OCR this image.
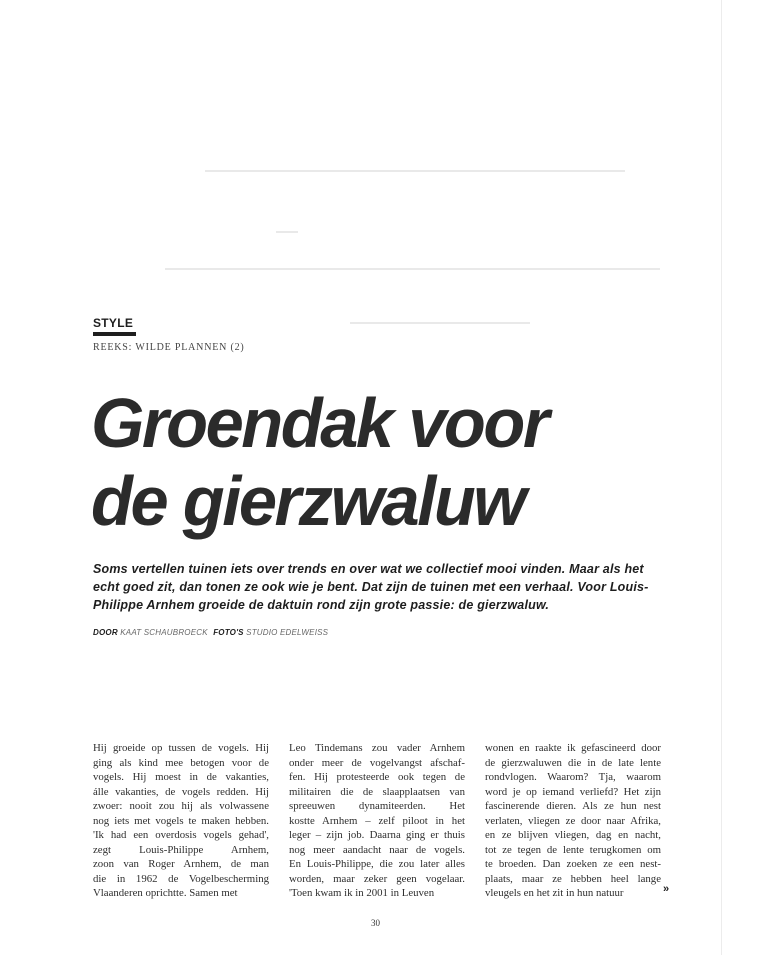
STYLE
REEKS: WILDE PLANNEN (2)
Groendak voor
de gierzwaluw

Soms vertellen tuinen iets over trends en over wat we collectief mooi vinden. Maar als het echt goed zit, dan tonen ze ook wie je bent. Dat zijn de tuinen met een verhaal. Voor Louis-Philippe Arnhem groeide de daktuin rond zijn grote passie: de gierzwaluw.

DOOR KAAT SCHAUBROECK FOTO'S STUDIO EDELWEISS
Hij groeide op tussen de vogels. Hij
ging als kind mee betogen voor de
vogels. Hij moest in de vakanties,
álle vakanties, de vogels redden. Hij
zwoer: nooit zou hij als volwassene
nog iets met vogels te maken hebben.
'Ik had een overdosis vogels gehad',
zegt Louis-Philippe Arnhem,
zoon van Roger Arnhem, de man
die in 1962 de Vogelbescherming
Vlaanderen oprichtte. Samen met
Leo Tindemans zou vader Arnhem
onder meer de vogelvangst afschaf-
fen. Hij protesteerde ook tegen de
militairen die de slaapplaatsen van
spreeuwen dynamiteerden. Het
kostte Arnhem – zelf piloot in het
leger – zijn job. Daarna ging er thuis
nog meer aandacht naar de vogels.
En Louis-Philippe, die zou later alles
worden, maar zeker geen vogelaar.
'Toen kwam ik in 2001 in Leuven
wonen en raakte ik gefascineerd door
de gierzwaluwen die in de late lente
rondvlogen. Waarom? Tja, waarom
word je op iemand verliefd? Het zijn
fascinerende dieren. Als ze hun nest
verlaten, vliegen ze door naar Afrika,
en ze blijven vliegen, dag en nacht,
tot ze tegen de lente terugkomen om
te broeden. Dan zoeken ze een nest-
plaats, maar ze hebben heel lange
vleugels en het zit in hun natuur	»
30
